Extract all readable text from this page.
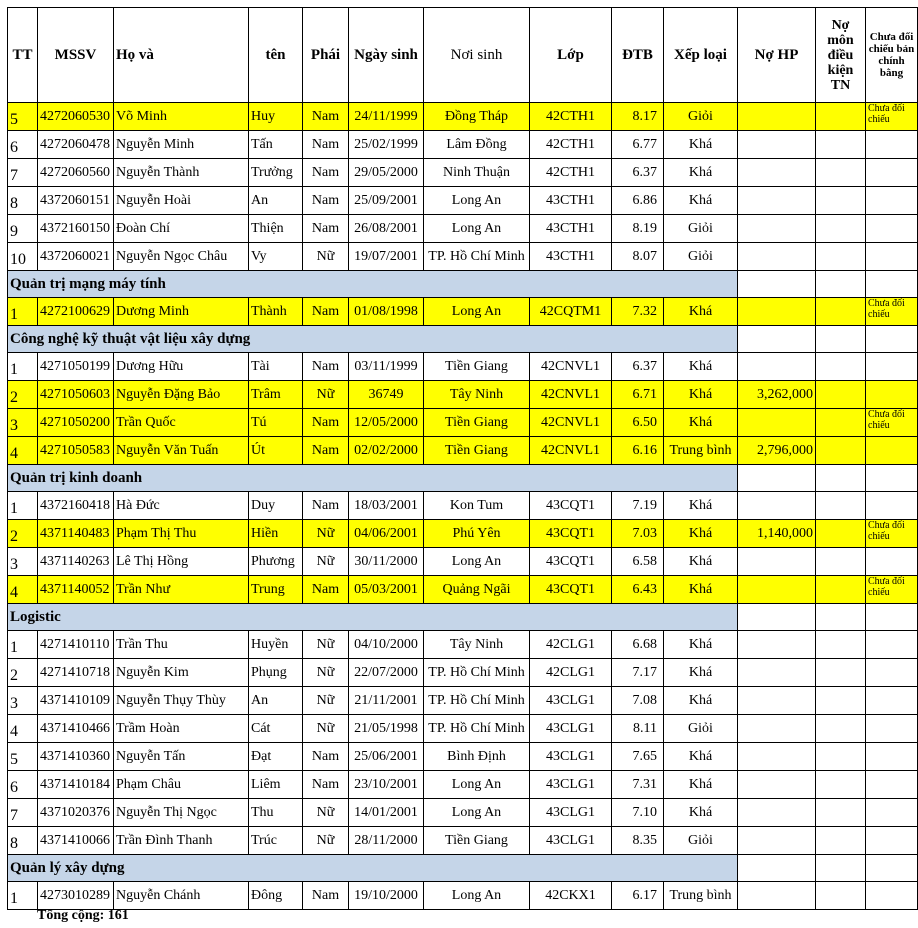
TT	MSSV	Họ và	tên	Phái	Ngày sinh	Nơi sinh	Lớp	ĐTB	Xếp loại	Nợ HP	Nợ môn điều kiện TN	Chưa đối chiếu bản chính bằng
5	4272060530	Võ Minh	Huy	Nam	24/11/1999	Đồng Tháp	42CTH1	8.17	Giỏi			Chưa đối chiếu
6	4272060478	Nguyễn Minh	Tấn	Nam	25/02/1999	Lâm Đồng	42CTH1	6.77	Khá			
7	4272060560	Nguyễn Thành	Trưởng	Nam	29/05/2000	Ninh Thuận	42CTH1	6.37	Khá			
8	4372060151	Nguyễn Hoài	An	Nam	25/09/2001	Long An	43CTH1	6.86	Khá			
9	4372160150	Đoàn Chí	Thiện	Nam	26/08/2001	Long An	43CTH1	8.19	Giỏi			
10	4372060021	Nguyễn Ngọc Châu	Vy	Nữ	19/07/2001	TP. Hồ Chí Minh	43CTH1	8.07	Giỏi			
Quản trị mạng máy tính												
1	4272100629	Dương Minh	Thành	Nam	01/08/1998	Long An	42CQTM1	7.32	Khá			Chưa đối chiếu
Công nghệ kỹ thuật vật liệu xây dựng												
1	4271050199	Dương Hữu	Tài	Nam	03/11/1999	Tiền Giang	42CNVL1	6.37	Khá			
2	4271050603	Nguyễn Đặng Bảo	Trâm	Nữ	36749	Tây Ninh	42CNVL1	6.71	Khá	3,262,000		
3	4271050200	Trần Quốc	Tú	Nam	12/05/2000	Tiền Giang	42CNVL1	6.50	Khá			Chưa đối chiếu
4	4271050583	Nguyễn Văn Tuấn	Út	Nam	02/02/2000	Tiền Giang	42CNVL1	6.16	Trung bình	2,796,000		
Quản trị kinh doanh												
1	4372160418	Hà Đức	Duy	Nam	18/03/2001	Kon Tum	43CQT1	7.19	Khá			
2	4371140483	Phạm Thị Thu	Hiền	Nữ	04/06/2001	Phú Yên	43CQT1	7.03	Khá	1,140,000		Chưa đối chiếu
3	4371140263	Lê Thị Hồng	Phương	Nữ	30/11/2000	Long An	43CQT1	6.58	Khá			
4	4371140052	Trần Như	Trung	Nam	05/03/2001	Quảng Ngãi	43CQT1	6.43	Khá			Chưa đối chiếu
Logistic												
1	4271410110	Trần Thu	Huyền	Nữ	04/10/2000	Tây Ninh	42CLG1	6.68	Khá			
2	4271410718	Nguyễn Kim	Phụng	Nữ	22/07/2000	TP. Hồ Chí Minh	42CLG1	7.17	Khá			
3	4371410109	Nguyễn Thụy Thùy	An	Nữ	21/11/2001	TP. Hồ Chí Minh	43CLG1	7.08	Khá			
4	4371410466	Trầm Hoàn	Cát	Nữ	21/05/1998	TP. Hồ Chí Minh	43CLG1	8.11	Giỏi			
5	4371410360	Nguyễn Tấn	Đạt	Nam	25/06/2001	Bình Định	43CLG1	7.65	Khá			
6	4371410184	Phạm Châu	Liêm	Nam	23/10/2001	Long An	43CLG1	7.31	Khá			
7	4371020376	Nguyễn Thị Ngọc	Thu	Nữ	14/01/2001	Long An	43CLG1	7.10	Khá			
8	4371410066	Trần Đình Thanh	Trúc	Nữ	28/11/2000	Tiền Giang	43CLG1	8.35	Giỏi			
Quản lý xây dựng												
1	4273010289	Nguyễn Chánh	Đông	Nam	19/10/2000	Long An	42CKX1	6.17	Trung bình			
Tổng cộng: 161
